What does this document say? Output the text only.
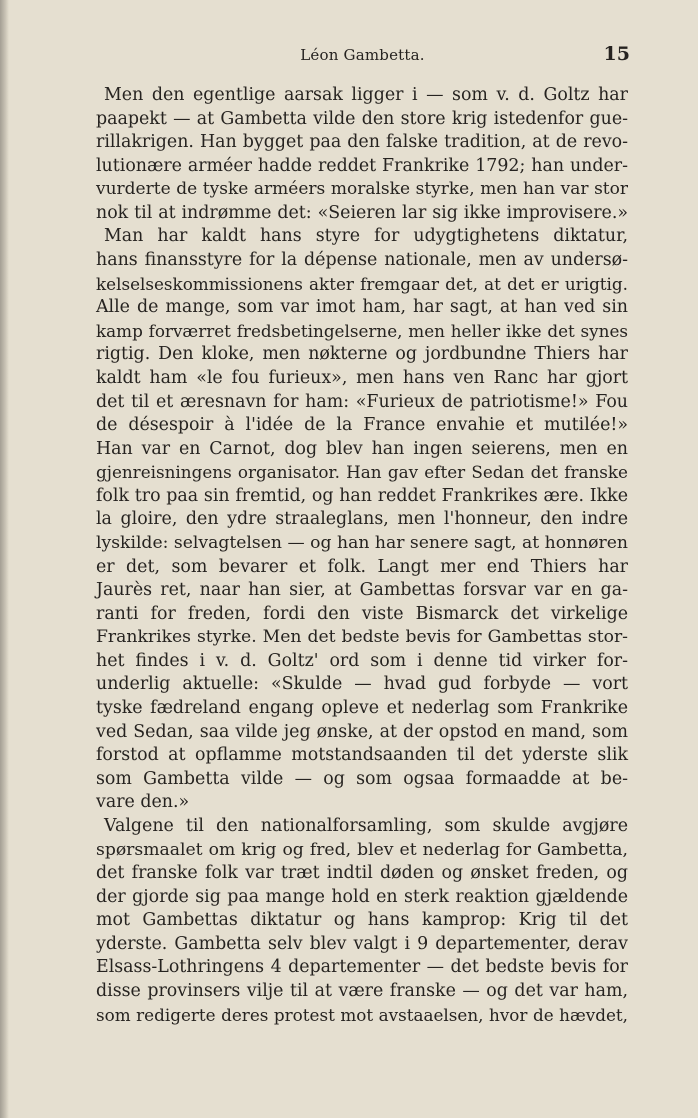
Léon Gambetta.	15
Men den egentlige aarsak ligger i — som v. d. Goltz har
paapekt — at Gambetta vilde den store krig istedenfor gue-
rillakrigen. Han bygget paa den falske tradition, at de revo-
lutionære arméer hadde reddet Frankrike 1792; han under-
vurderte de tyske arméers moralske styrke, men han var stor
nok til at indrømme det: «Seieren lar sig ikke improvisere.»
Man har kaldt hans styre for udygtighetens diktatur,
hans finansstyre for la dépense nationale, men av undersø-
kelselseskommissionens akter fremgaar det, at det er urigtig.
Alle de mange, som var imot ham, har sagt, at han ved sin
kamp forværret fredsbetingelserne, men heller ikke det synes
rigtig. Den kloke, men nøkterne og jordbundne Thiers har
kaldt ham «le fou furieux», men hans ven Ranc har gjort
det til et æresnavn for ham: «Furieux de patriotisme!» Fou
de désespoir à l'idée de la France envahie et mutilée!»
Han var en Carnot, dog blev han ingen seierens, men en
gjenreisningens organisator. Han gav efter Sedan det franske
folk tro paa sin fremtid, og han reddet Frankrikes ære. Ikke
la gloire, den ydre straaleglans, men l'honneur, den indre
lyskilde: selvagtelsen — og han har senere sagt, at honnøren
er det, som bevarer et folk. Langt mer end Thiers har
Jaurès ret, naar han sier, at Gambettas forsvar var en ga-
ranti for freden, fordi den viste Bismarck det virkelige
Frankrikes styrke. Men det bedste bevis for Gambettas stor-
het findes i v. d. Goltz' ord som i denne tid virker for-
underlig aktuelle: «Skulde — hvad gud forbyde — vort
tyske fædreland engang opleve et nederlag som Frankrike
ved Sedan, saa vilde jeg ønske, at der opstod en mand, som
forstod at opflamme motstandsaanden til det yderste slik
som Gambetta vilde — og som ogsaa formaadde at be-
vare den.»
Valgene til den nationalforsamling, som skulde avgjøre
spørsmaalet om krig og fred, blev et nederlag for Gambetta,
det franske folk var træt indtil døden og ønsket freden, og
der gjorde sig paa mange hold en sterk reaktion gjældende
mot Gambettas diktatur og hans kamprop: Krig til det
yderste. Gambetta selv blev valgt i 9 departementer, derav
Elsass-Lothringens 4 departementer — det bedste bevis for
disse provinsers vilje til at være franske — og det var ham,
som redigerte deres protest mot avstaaelsen, hvor de hævdet,
